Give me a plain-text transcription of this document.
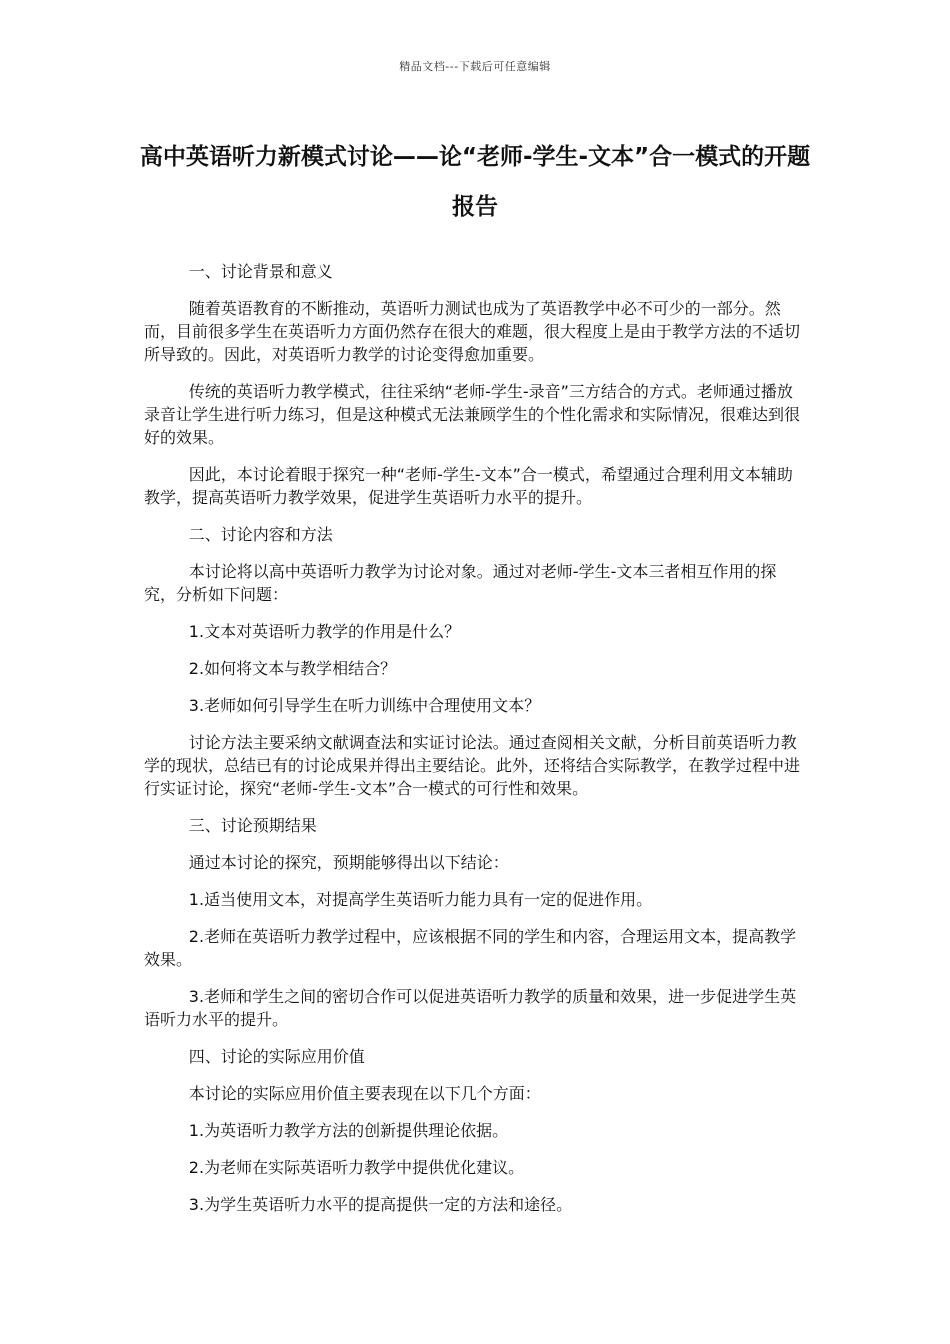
精品文档---下载后可任意编辑
高中英语听力新模式讨论——论“老师-学生-文本”合一模式的开题报告

一、讨论背景和意义

随着英语教育的不断推动，英语听力测试也成为了英语教学中必不可少的一部分。然而，目前很多学生在英语听力方面仍然存在很大的难题，很大程度上是由于教学方法的不适切所导致的。因此，对英语听力教学的讨论变得愈加重要。

传统的英语听力教学模式，往往采纳“老师-学生-录音”三方结合的方式。老师通过播放录音让学生进行听力练习，但是这种模式无法兼顾学生的个性化需求和实际情况，很难达到很好的效果。

因此，本讨论着眼于探究一种“老师-学生-文本”合一模式，希望通过合理利用文本辅助教学，提高英语听力教学效果，促进学生英语听力水平的提升。

二、讨论内容和方法

本讨论将以高中英语听力教学为讨论对象。通过对老师-学生-文本三者相互作用的探究，分析如下问题：

1.文本对英语听力教学的作用是什么？

2.如何将文本与教学相结合？

3.老师如何引导学生在听力训练中合理使用文本？

讨论方法主要采纳文献调查法和实证讨论法。通过查阅相关文献，分析目前英语听力教学的现状，总结已有的讨论成果并得出主要结论。此外，还将结合实际教学，在教学过程中进行实证讨论，探究“老师-学生-文本”合一模式的可行性和效果。

三、讨论预期结果

通过本讨论的探究，预期能够得出以下结论：

1.适当使用文本，对提高学生英语听力能力具有一定的促进作用。

2.老师在英语听力教学过程中，应该根据不同的学生和内容，合理运用文本，提高教学效果。

3.老师和学生之间的密切合作可以促进英语听力教学的质量和效果，进一步促进学生英语听力水平的提升。

四、讨论的实际应用价值

本讨论的实际应用价值主要表现在以下几个方面：

1.为英语听力教学方法的创新提供理论依据。

2.为老师在实际英语听力教学中提供优化建议。

3.为学生英语听力水平的提高提供一定的方法和途径。
